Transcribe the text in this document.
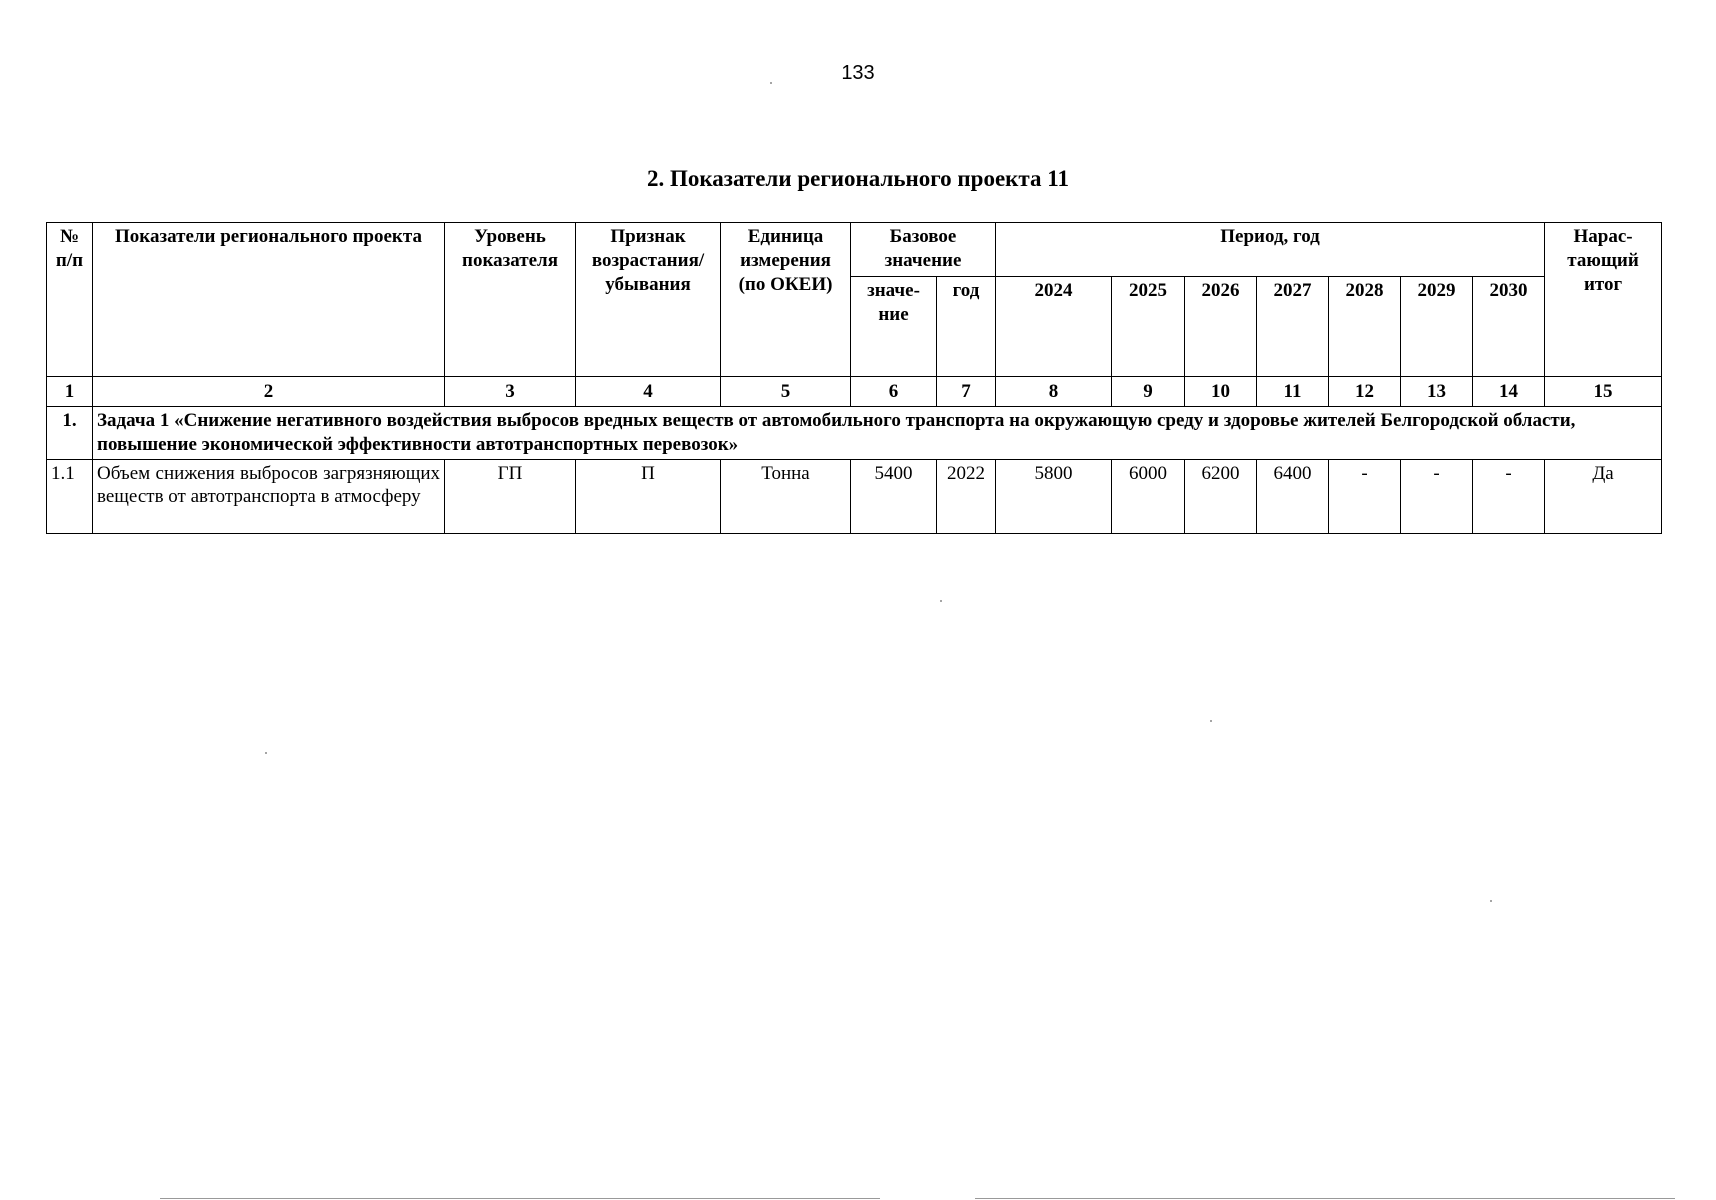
133
2. Показатели регионального проекта 11
№ п/п	Показатели регионального проекта	Уровень показателя	Признак возрастания/ убывания	Единица измерения (по ОКЕИ)	Базовое значение		Период, год							Нарас-тающий итог
					значе-ние	год	2024	2025	2026	2027	2028	2029	2030	
1	2	3	4	5	6	7	8	9	10	11	12	13	14	15
1.	Задача 1 «Снижение негативного воздействия выбросов вредных веществ от автомобильного транспорта на окружающую среду и здоровье жителей Белгородской области, повышение экономической эффективности автотранспортных перевозок»													
1.1	Объем снижения выбросов загрязняющих веществ от автотранспорта в атмосферу	ГП	П	Тонна	5400	2022	5800	6000	6200	6400	-	-	-	Да
